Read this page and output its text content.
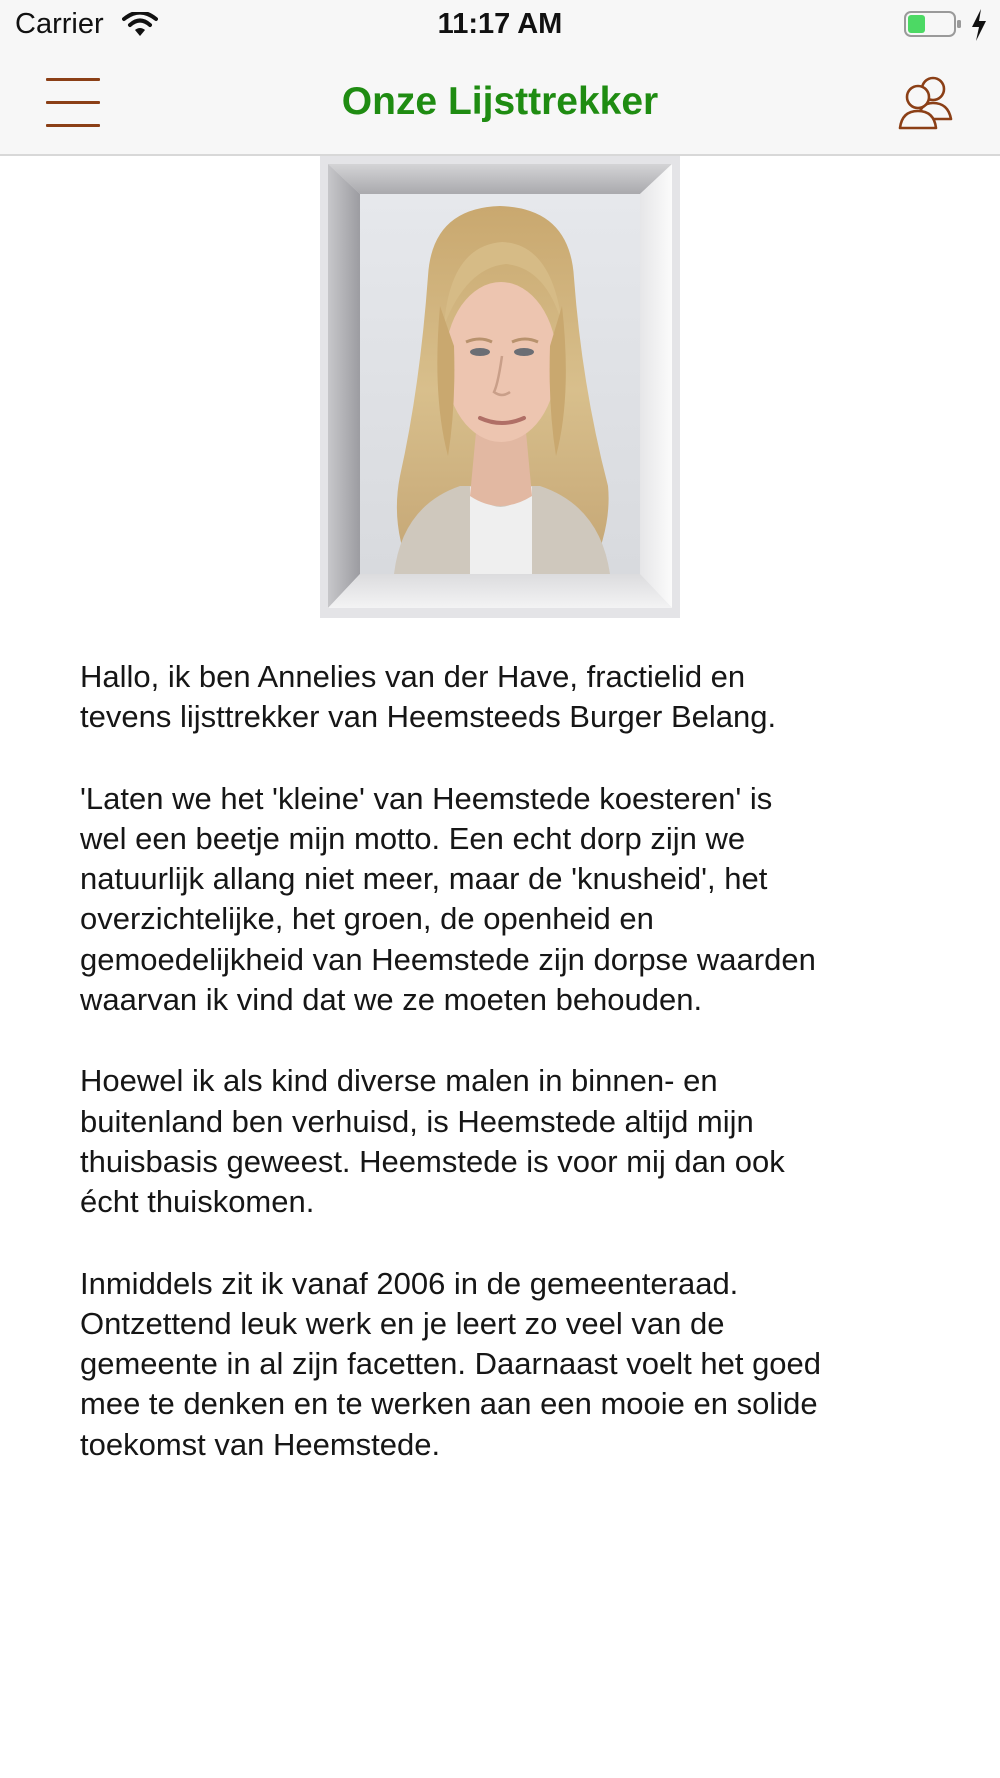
Carrier	11:17 AM
Onze Lijsttrekker

Hallo, ik ben Annelies van der Have, fractielid en
tevens lijsttrekker van Heemsteeds Burger Belang.

'Laten we het 'kleine' van Heemstede koesteren' is
wel een beetje mijn motto. Een echt dorp zijn we
natuurlijk allang niet meer, maar de 'knusheid', het
overzichtelijke, het groen, de openheid en
gemoedelijkheid van Heemstede zijn dorpse waarden
waarvan ik vind dat we ze moeten behouden.

Hoewel ik als kind diverse malen in binnen- en
buitenland ben verhuisd, is Heemstede altijd mijn
thuisbasis geweest. Heemstede is voor mij dan ook
écht thuiskomen.

Inmiddels zit ik vanaf 2006 in de gemeenteraad.
Ontzettend leuk werk en je leert zo veel van de
gemeente in al zijn facetten. Daarnaast voelt het goed
mee te denken en te werken aan een mooie en solide
toekomst van Heemstede.
